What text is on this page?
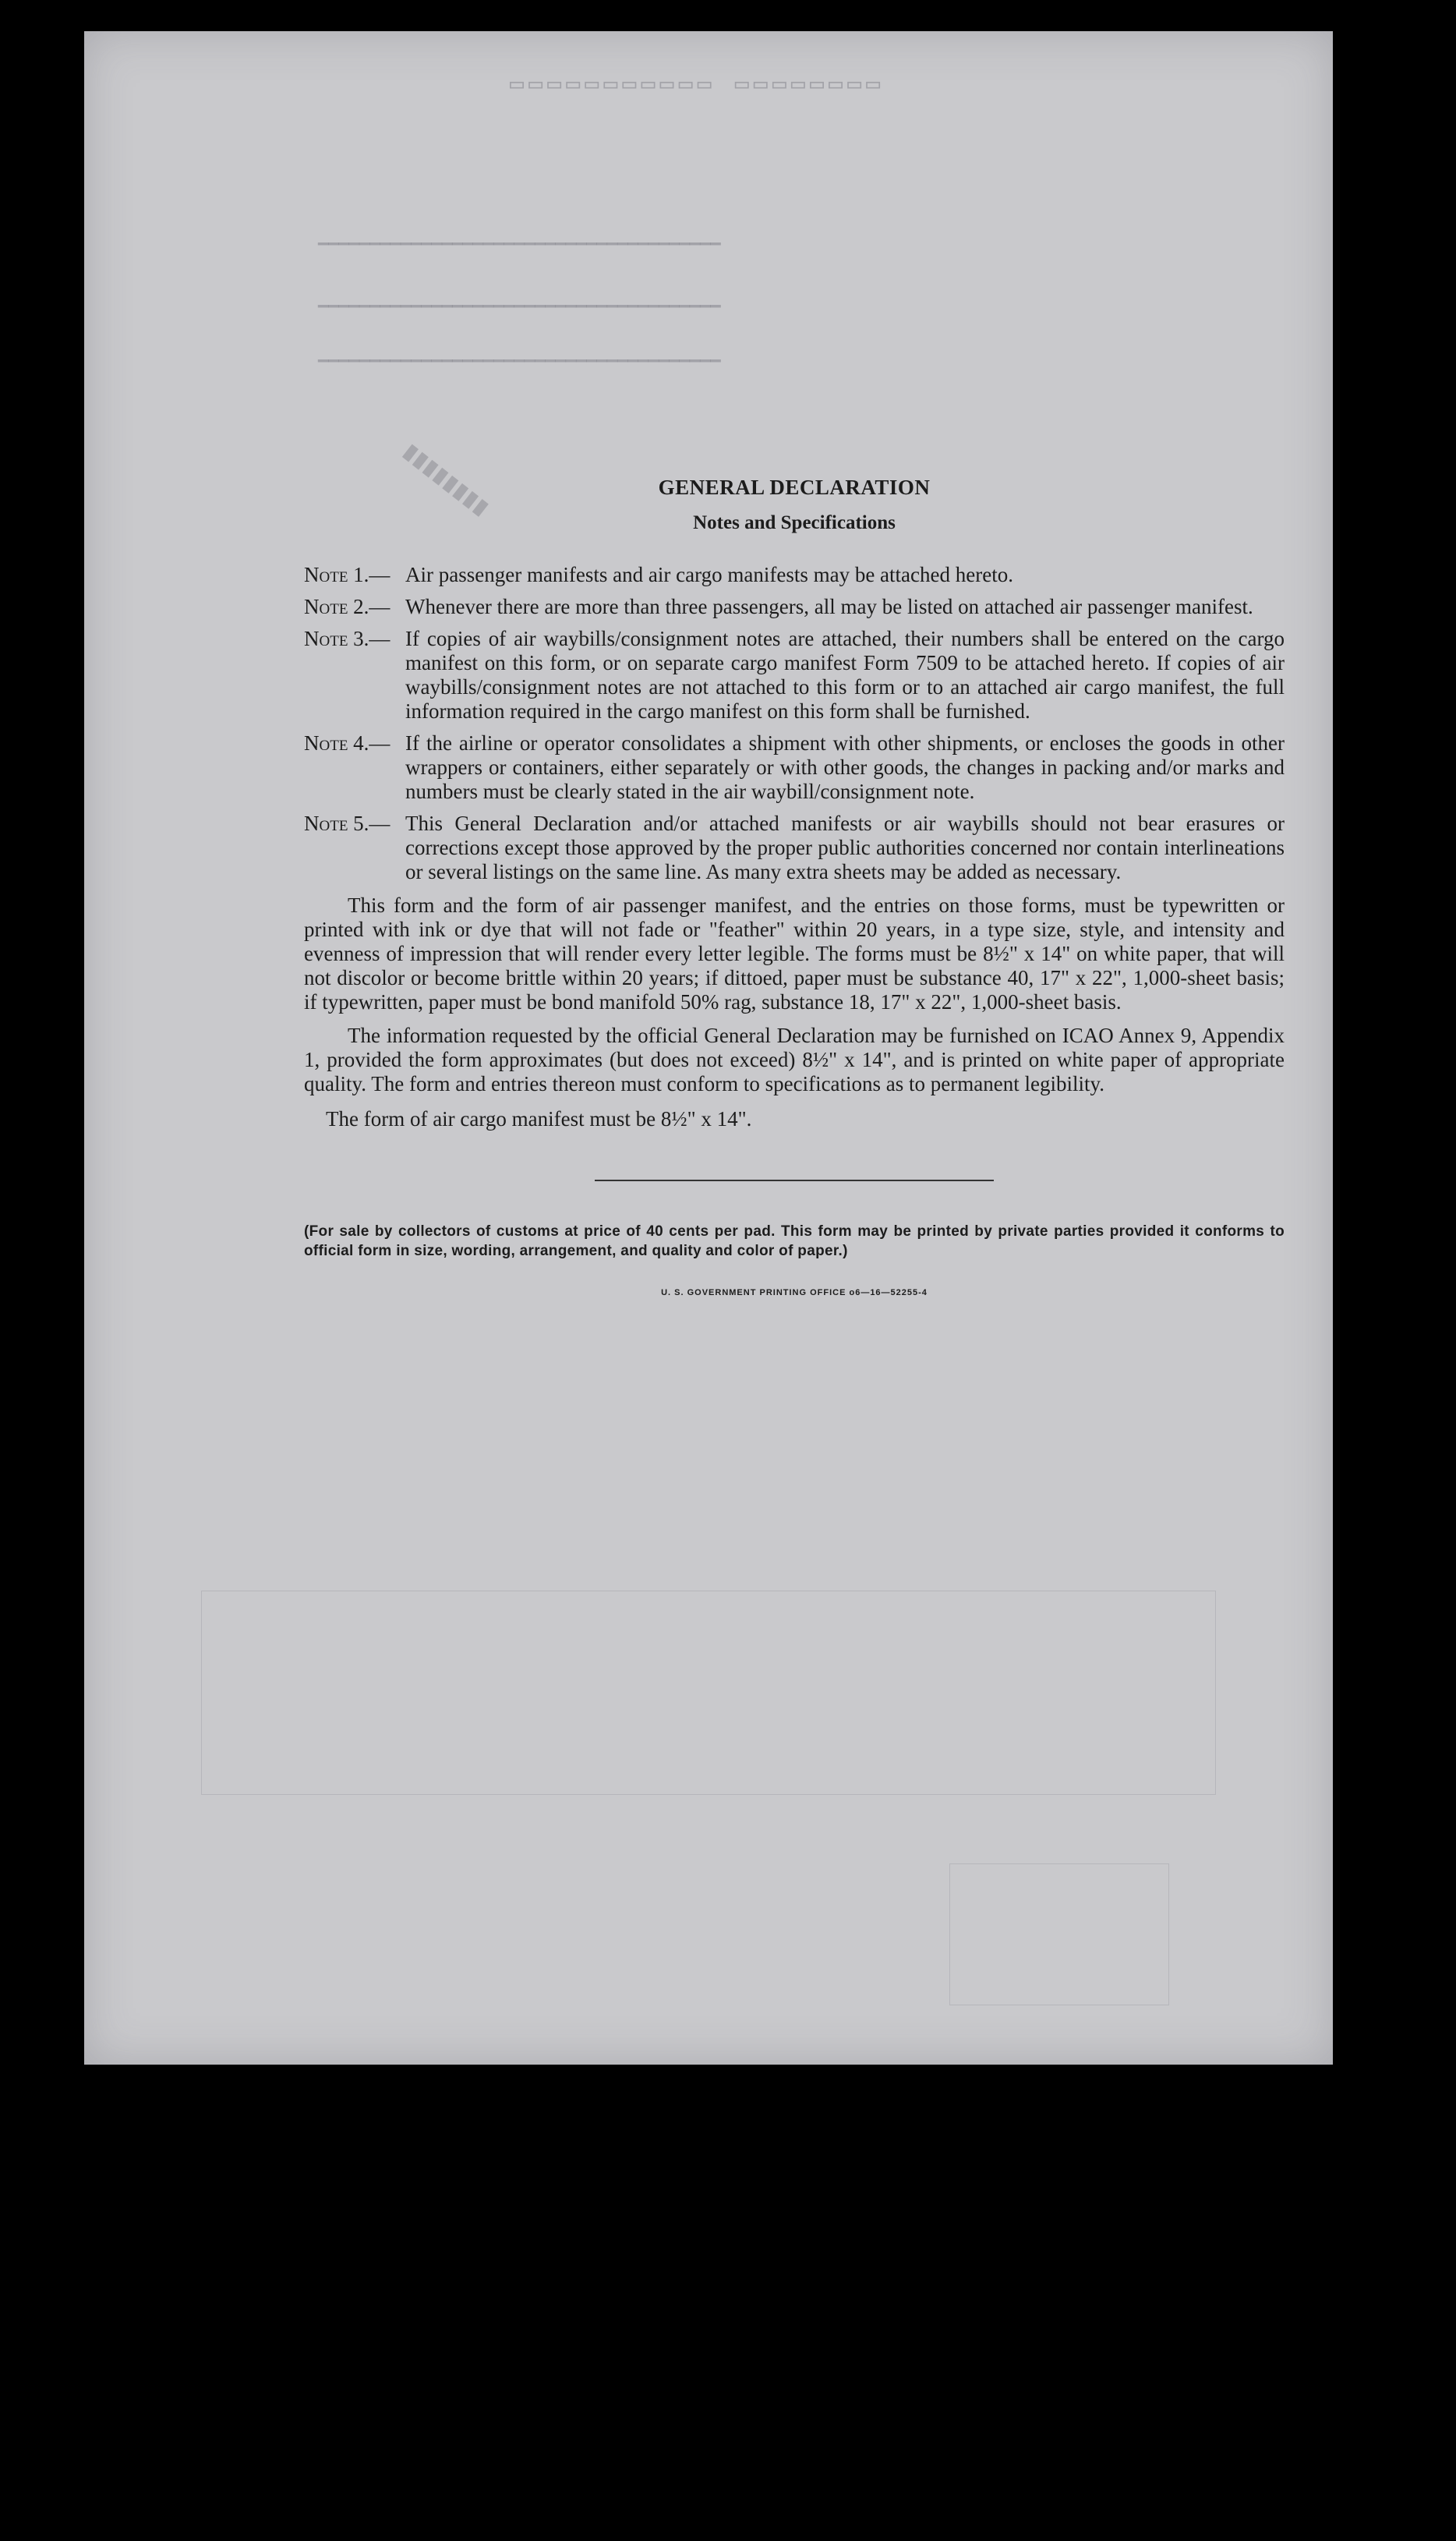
▭▭▭▭▭▭▭▭ ▭▭▭▭▭▭▭▭▭▭▭
▁▁▁▁▁▁▁▁▁▁▁▁▁▁▁▁▁▁▁▁▁▁▁▁▁▁▁▁▁▁▁▁▁▁▁▁▁▁▁
▁▁▁▁▁▁▁▁▁▁▁▁▁▁▁▁▁▁▁▁▁▁▁▁▁▁▁▁▁▁▁▁▁▁▁▁▁▁▁
▁▁▁▁▁▁▁▁▁▁▁▁▁▁▁▁▁▁▁▁▁▁▁▁▁▁▁▁▁▁▁▁▁▁▁▁▁▁▁
▮▮▮▮▮▮▮▮	GENERAL DECLARATION
Notes and Specifications
Note 1.— Air passenger manifests and air cargo manifests may be attached hereto.
Note 2.— Whenever there are more than three passengers, all may be listed on attached air passenger manifest.
Note 3.— If copies of air waybills/consignment notes are attached, their numbers shall be entered on the cargo manifest on this form, or on separate cargo manifest Form 7509 to be attached hereto. If copies of air waybills/consignment notes are not attached to this form or to an attached air cargo manifest, the full information required in the cargo manifest on this form shall be furnished.
Note 4.— If the airline or operator consolidates a shipment with other shipments, or encloses the goods in other wrappers or containers, either separately or with other goods, the changes in packing and/or marks and numbers must be clearly stated in the air waybill/consignment note.
Note 5.— This General Declaration and/or attached manifests or air waybills should not bear erasures or corrections except those approved by the proper public authorities concerned nor contain interlineations or several listings on the same line. As many extra sheets may be added as necessary.

This form and the form of air passenger manifest, and the entries on those forms, must be typewritten or printed with ink or dye that will not fade or "feather" within 20 years, in a type size, style, and intensity and evenness of impression that will render every letter legible. The forms must be 8½" x 14" on white paper, that will not discolor or become brittle within 20 years; if dittoed, paper must be substance 40, 17" x 22", 1,000-sheet basis; if typewritten, paper must be bond manifold 50% rag, substance 18, 17" x 22", 1,000-sheet basis.

The information requested by the official General Declaration may be furnished on ICAO Annex 9, Appendix 1, provided the form approximates (but does not exceed) 8½" x 14", and is printed on white paper of appropriate quality. The form and entries thereon must conform to specifications as to permanent legibility.

The form of air cargo manifest must be 8½" x 14".

(For sale by collectors of customs at price of 40 cents per pad. This form may be printed by private parties provided it conforms to official form in size, wording, arrangement, and quality and color of paper.)
U. S. GOVERNMENT PRINTING OFFICE o6—16—52255-4
